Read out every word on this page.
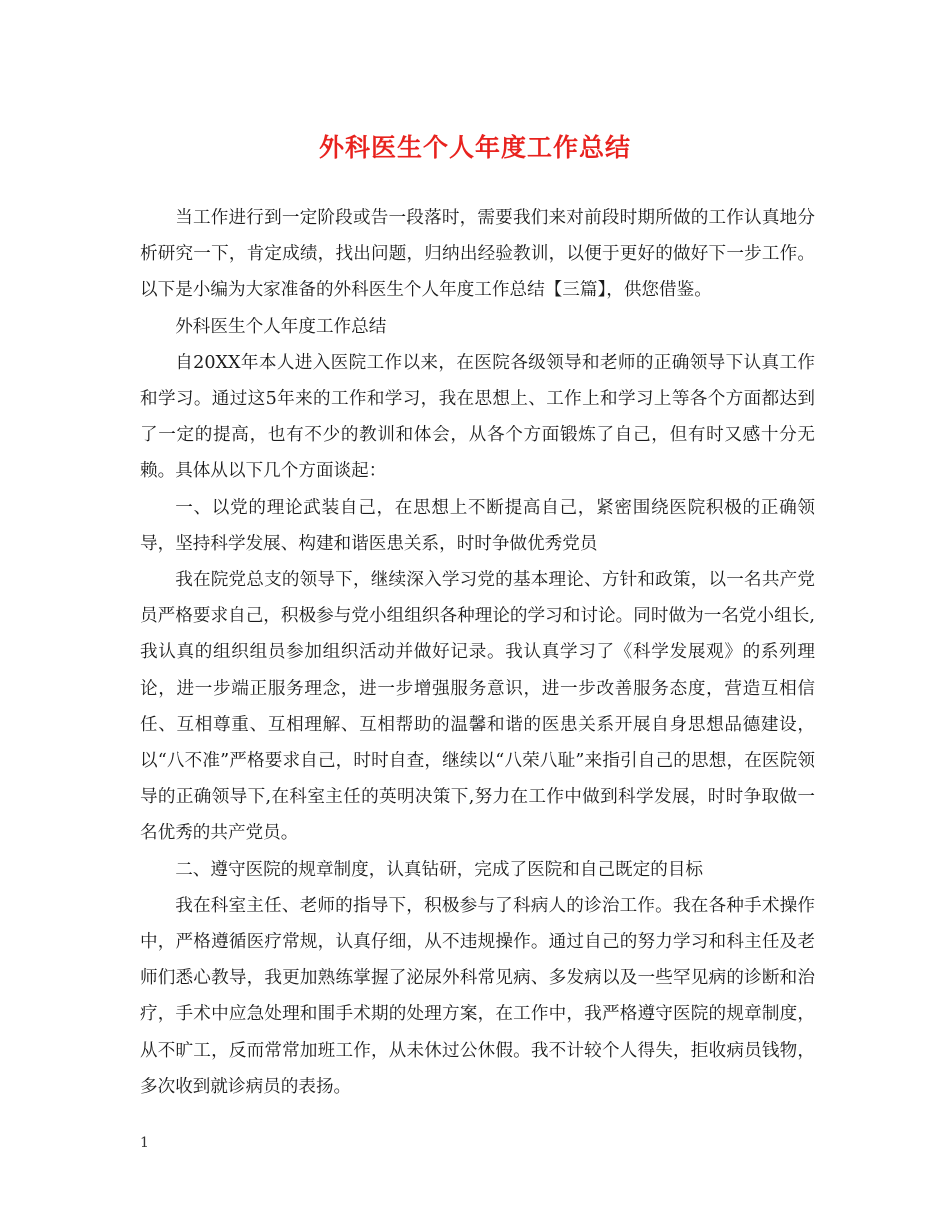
外科医生个人年度工作总结

当工作进行到一定阶段或告一段落时，需要我们来对前段时期所做的工作认真地分析研究一下，肯定成绩，找出问题，归纳出经验教训，以便于更好的做好下一步工作。以下是小编为大家准备的外科医生个人年度工作总结【三篇】，供您借鉴。

外科医生个人年度工作总结

自20XX年本人进入医院工作以来，在医院各级领导和老师的正确领导下认真工作和学习。通过这5年来的工作和学习，我在思想上、工作上和学习上等各个方面都达到了一定的提高，也有不少的教训和体会，从各个方面锻炼了自己，但有时又感十分无赖。具体从以下几个方面谈起：

一、以党的理论武装自己，在思想上不断提高自己，紧密围绕医院积极的正确领导，坚持科学发展、构建和谐医患关系，时时争做优秀党员

我在院党总支的领导下，继续深入学习党的基本理论、方针和政策，以一名共产党员严格要求自己，积极参与党小组组织各种理论的学习和讨论。同时做为一名党小组长,我认真的组织组员参加组织活动并做好记录。我认真学习了《科学发展观》的系列理论，进一步端正服务理念，进一步增强服务意识，进一步改善服务态度，营造互相信任、互相尊重、互相理解、互相帮助的温馨和谐的医患关系开展自身思想品德建设，以“八不准”严格要求自己，时时自查，继续以“八荣八耻”来指引自己的思想，在医院领导的正确领导下,在科室主任的英明决策下,努力在工作中做到科学发展，时时争取做一名优秀的共产党员。

二、遵守医院的规章制度，认真钻研，完成了医院和自己既定的目标

我在科室主任、老师的指导下，积极参与了科病人的诊治工作。我在各种手术操作中，严格遵循医疗常规，认真仔细，从不违规操作。通过自己的努力学习和科主任及老师们悉心教导，我更加熟练掌握了泌尿外科常见病、多发病以及一些罕见病的诊断和治疗，手术中应急处理和围手术期的处理方案，在工作中，我严格遵守医院的规章制度，从不旷工，反而常常加班工作，从未休过公休假。我不计较个人得失，拒收病员钱物，多次收到就诊病员的表扬。

1
